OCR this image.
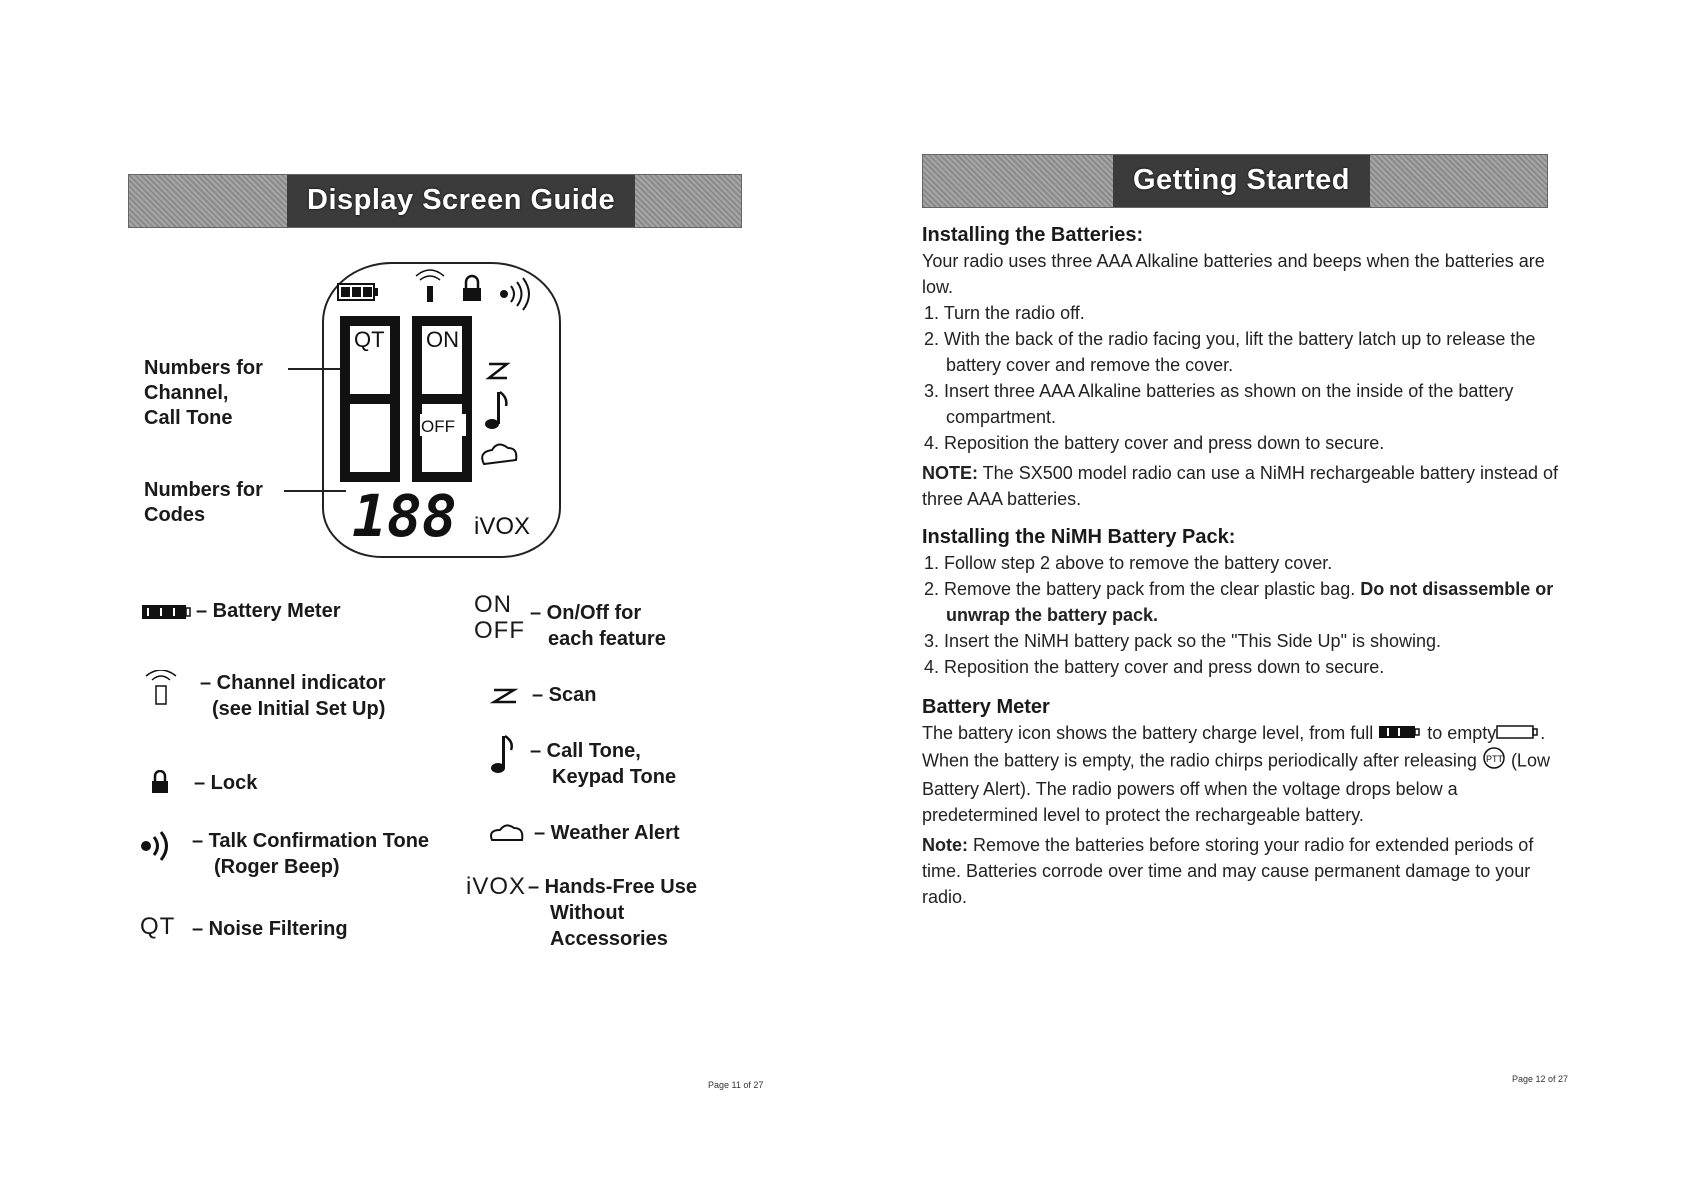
Display Screen Guide
QT ON
OFF
188 iVOX
Numbers for
Channel,
Call Tone
Numbers for
Codes
– Battery Meter
– Channel indicator
(see Initial Set Up)
– Lock
– Talk Confirmation Tone
(Roger Beep)
QT – Noise Filtering
ON
OFF
– On/Off for
each feature
– Scan
– Call Tone,
Keypad Tone
– Weather Alert
iVOX – Hands-Free Use
Without
Accessories
Page 11 of 27
Getting Started
Installing the Batteries:

Your radio uses three AAA Alkaline batteries and beeps when the batteries are low.

1. Turn the radio off.
2. With the back of the radio facing you, lift the battery latch up to release the battery cover and remove the cover.
3. Insert three AAA Alkaline batteries as shown on the inside of the battery compartment.
4. Reposition the battery cover and press down to secure.

NOTE: The SX500 model radio can use a NiMH rechargeable battery instead of three AAA batteries.

Installing the NiMH Battery Pack:
1. Follow step 2 above to remove the battery cover.
2. Remove the battery pack from the clear plastic bag. Do not disassemble or unwrap the battery pack.
3. Insert the NiMH battery pack so the "This Side Up" is showing.
4. Reposition the battery cover and press down to secure.
Battery Meter

The battery icon shows the battery charge level, from full	to empty . When the battery is empty, the radio chirps periodically after releasing PTT (Low Battery Alert). The radio powers off when the voltage drops below a predetermined level to protect the rechargeable battery.

Note: Remove the batteries before storing your radio for extended periods of time. Batteries corrode over time and may cause permanent damage to your radio.

Page 12 of 27
